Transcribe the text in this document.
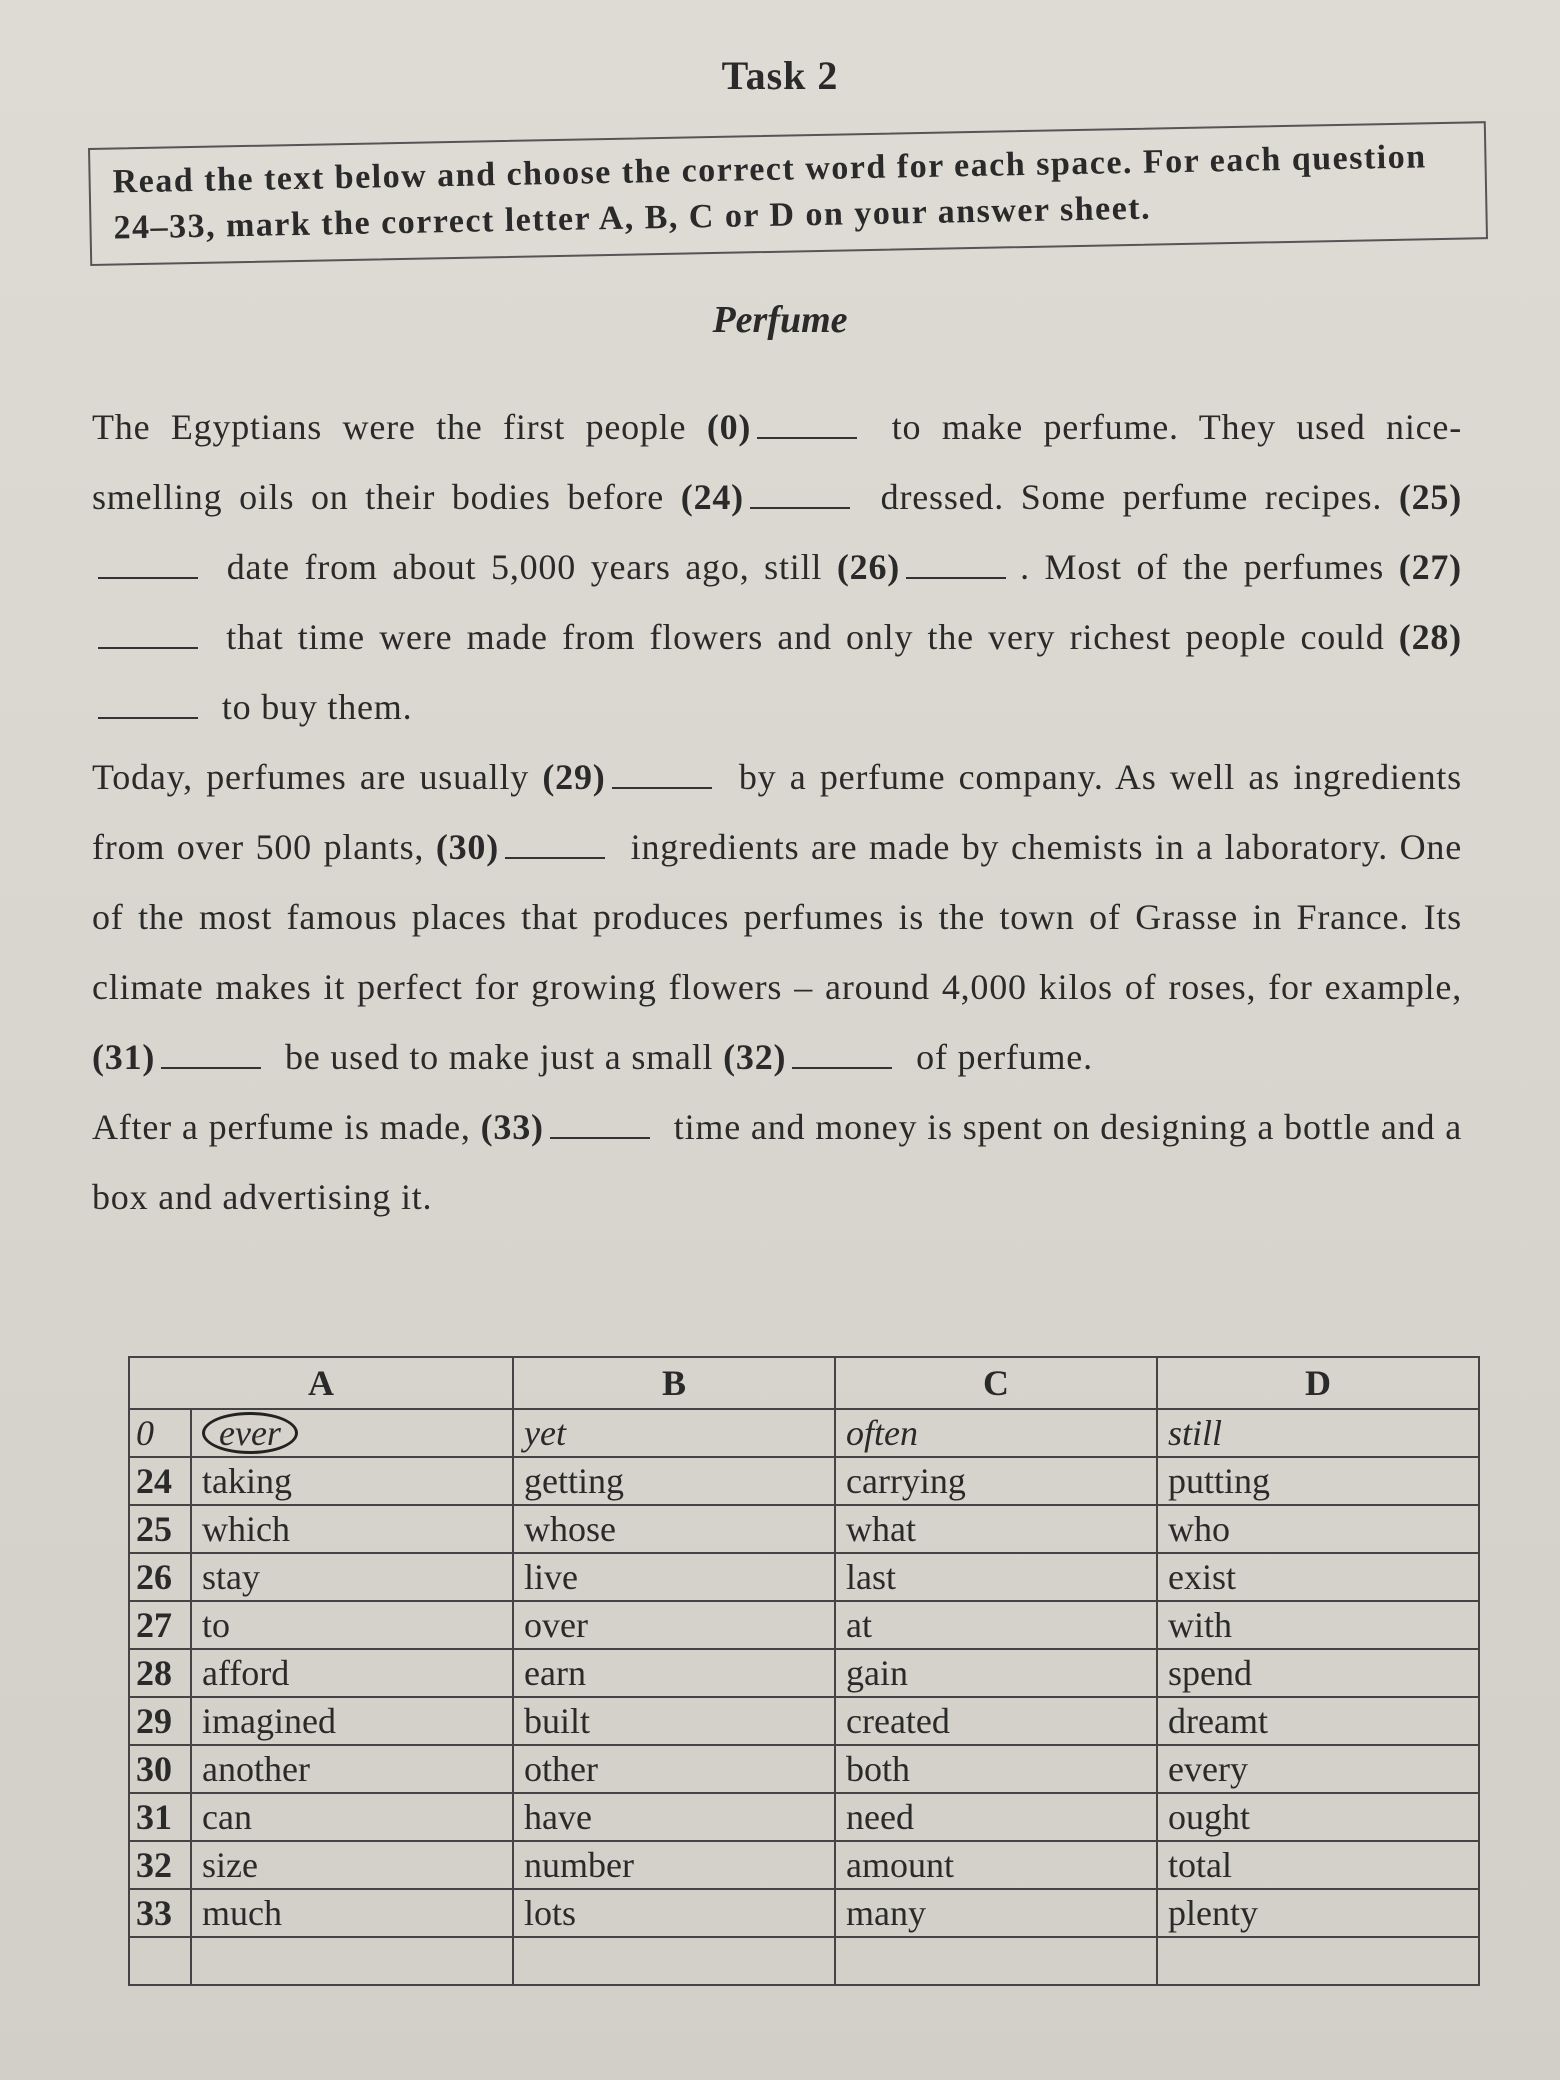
Task 2
Read the text below and choose the correct word for each space. For each question 24–33, mark the correct letter A, B, C or D on your answer sheet.
Perfume

The Egyptians were the first people (0)	to make perfume. They used nice-smelling oils on their bodies before (24)	dressed. Some perfume recipes. (25) date from about 5,000 years ago, still (26)	. Most of the perfumes (27) that time were made from flowers and only the very richest people could (28) to buy them.

Today, perfumes are usually (29)	by a perfume company. As well as ingredients from over 500 plants, (30)	ingredients are made by chemists in a laboratory. One of the most famous places that produces perfumes is the town of Grasse in France. Its climate makes it perfect for growing flowers – around 4,000 kilos of roses, for example, (31)	be used to make just a small (32)	of perfume.

After a perfume is made, (33)	time and money is spent on designing a bottle and a box and advertising it.

A		B	C	D
0	ever	yet	often	still
24	taking	getting	carrying	putting
25	which	whose	what	who
26	stay	live	last	exist
27	to	over	at	with
28	afford	earn	gain	spend
29	imagined	built	created	dreamt
30	another	other	both	every
31	can	have	need	ought
32	size	number	amount	total
33	much	lots	many	plenty
